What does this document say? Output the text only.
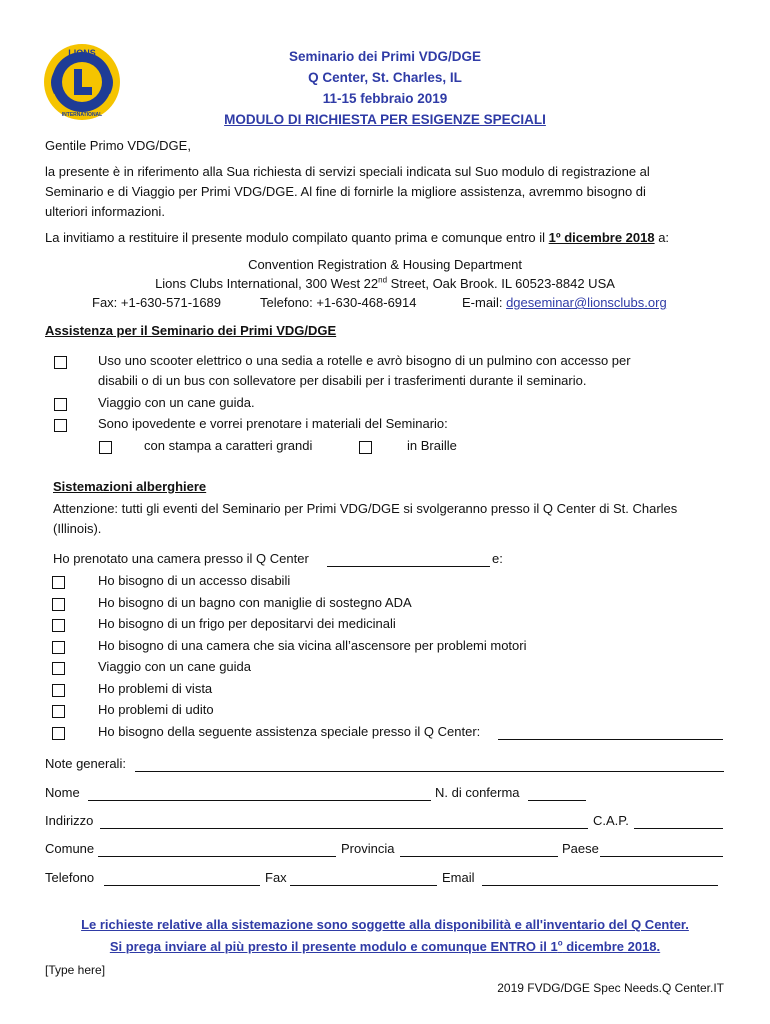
LIONS
INTERNATIONAL
Seminario dei Primi VDG/DGE
Q Center, St. Charles, IL
11-15 febbraio 2019
MODULO DI RICHIESTA PER ESIGENZE SPECIALI
Gentile Primo VDG/DGE,
la presente è in riferimento alla Sua richiesta di servizi speciali indicata sul Suo modulo di registrazione al
Seminario e di Viaggio per Primi VDG/DGE. Al fine di fornirle la migliore assistenza, avremmo bisogno di
ulteriori informazioni.
La invitiamo a restituire il presente modulo compilato quanto prima e comunque entro il 1º dicembre 2018 a:
Convention Registration & Housing Department
Lions Clubs International, 300 West 22nd Street, Oak Brook. IL 60523-8842 USA
Fax: +1-630-571-1689	Telefono: +1-630-468-6914	E-mail: dgeseminar@lionsclubs.org
Assistenza per il Seminario dei Primi VDG/DGE
Uso uno scooter elettrico o una sedia a rotelle e avrò bisogno di un pulmino con accesso per
disabili o di un bus con sollevatore per disabili per i trasferimenti durante il seminario.
Viaggio con un cane guida.
Sono ipovedente e vorrei prenotare i materiali del Seminario:
con stampa a caratteri grandi	in Braille
Sistemazioni alberghiere
Attenzione: tutti gli eventi del Seminario per Primi VDG/DGE si svolgeranno presso il Q Center di St. Charles
(Illinois).
Ho prenotato una camera presso il Q Center	e:
Ho bisogno di un accesso disabili
Ho bisogno di un bagno con maniglie di sostegno ADA
Ho bisogno di un frigo per depositarvi dei medicinali
Ho bisogno di una camera che sia vicina all’ascensore per problemi motori
Viaggio con un cane guida
Ho problemi di vista
Ho problemi di udito
Ho bisogno della seguente assistenza speciale presso il Q Center:
Note generali:
Nome	N. di conferma
Indirizzo	C.A.P.
Comune	Provincia	Paese
Telefono	Fax	Email
Le richieste relative alla sistemazione sono soggette alla disponibilità e all'inventario del Q Center.
Si prega inviare al più presto il presente modulo e comunque ENTRO il 1$^o$ dicembre 2018.
[Type here]
2019 FVDG/DGE Spec Needs.Q Center.IT
